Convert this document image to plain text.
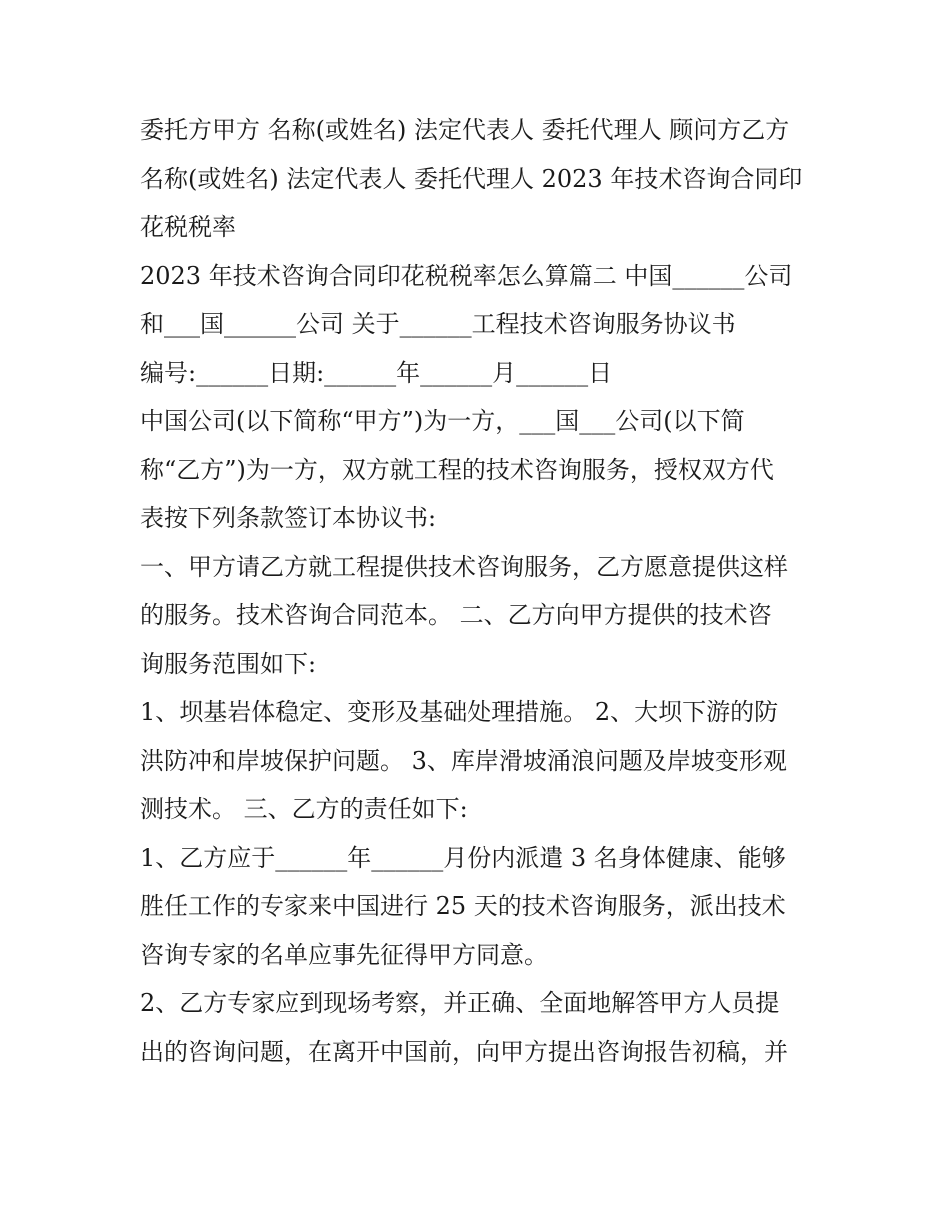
委托方甲方 名称(或姓名) 法定代表人 委托代理人 顾问方乙方
名称(或姓名) 法定代表人 委托代理人 2023 年技术咨询合同印
花税税率
2023 年技术咨询合同印花税税率怎么算篇二 中国______公司
和___国______公司 关于______工程技术咨询服务协议书
编号:______日期:______年______月______日
中国公司(以下简称“甲方”)为一方，___国___公司(以下简
称“乙方”)为一方，双方就工程的技术咨询服务，授权双方代
表按下列条款签订本协议书:
一、甲方请乙方就工程提供技术咨询服务，乙方愿意提供这样
的服务。技术咨询合同范本。 二、乙方向甲方提供的技术咨
询服务范围如下:
1、坝基岩体稳定、变形及基础处理措施。 2、大坝下游的防
洪防冲和岸坡保护问题。 3、库岸滑坡涌浪问题及岸坡变形观
测技术。 三、乙方的责任如下:
1、乙方应于______年______月份内派遣 3 名身体健康、能够
胜任工作的专家来中国进行 25 天的技术咨询服务，派出技术
咨询专家的名单应事先征得甲方同意。
2、乙方专家应到现场考察，并正确、全面地解答甲方人员提
出的咨询问题，在离开中国前，向甲方提出咨询报告初稿，并
